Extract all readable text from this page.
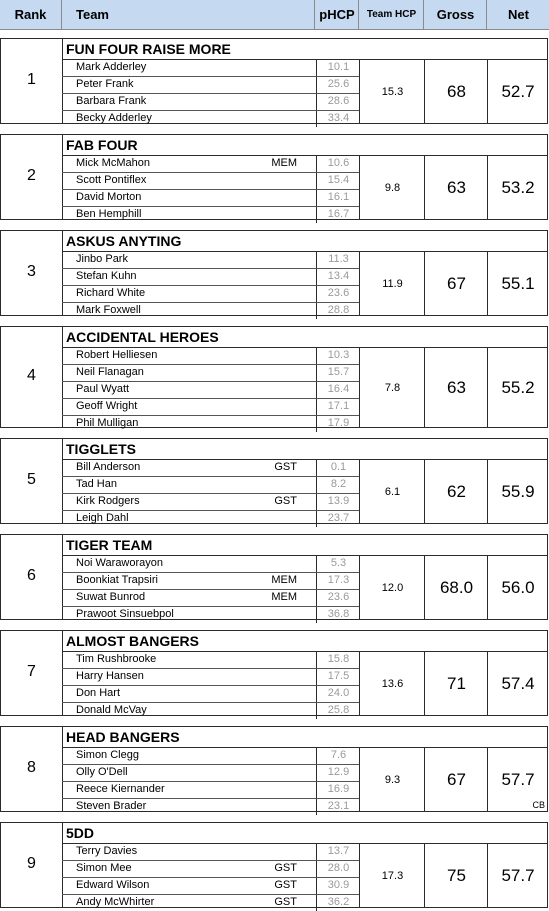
Rank	Team	pHCP	Team HCP	Gross	Net
1
FUN FOUR RAISE MORE
Mark Adderley	10.1
Peter Frank	25.6
Barbara Frank	28.6
Becky Adderley	33.4
15.3	68	52.7
2
FAB FOUR
Mick McMahon	MEM	10.6
Scott Pontiflex	15.4
David Morton	16.1
Ben Hemphill	16.7
9.8	63	53.2
3
ASKUS ANYTING
Jinbo Park	11.3
Stefan Kuhn	13.4
Richard White	23.6
Mark Foxwell	28.8
11.9	67	55.1
4
ACCIDENTAL HEROES
Robert Helliesen	10.3
Neil Flanagan	15.7
Paul Wyatt	16.4
Geoff Wright	17.1
Phil Mulligan	17.9
7.8	63	55.2
5
TIGGLETS
Bill Anderson	GST	0.1
Tad Han	8.2
Kirk Rodgers	GST	13.9
Leigh Dahl	23.7
6.1	62	55.9
6
TIGER TEAM
Noi Waraworayon	5.3
Boonkiat Trapsiri	MEM	17.3
Suwat Bunrod	MEM	23.6
Prawoot Sinsuebpol	36.8
12.0	68.0	56.0
7
ALMOST BANGERS
Tim Rushbrooke	15.8
Harry Hansen	17.5
Don Hart	24.0
Donald McVay	25.8
13.6	71	57.4
8
HEAD BANGERS
Simon Clegg	7.6
Olly O'Dell	12.9
Reece Kiernander	16.9
Steven Brader	23.1
9.3	67	57.7
CB
9
5DD
Terry Davies	13.7
Simon Mee	GST	28.0
Edward Wilson	GST	30.9
Andy McWhirter	GST	36.2
17.3	75	57.7
